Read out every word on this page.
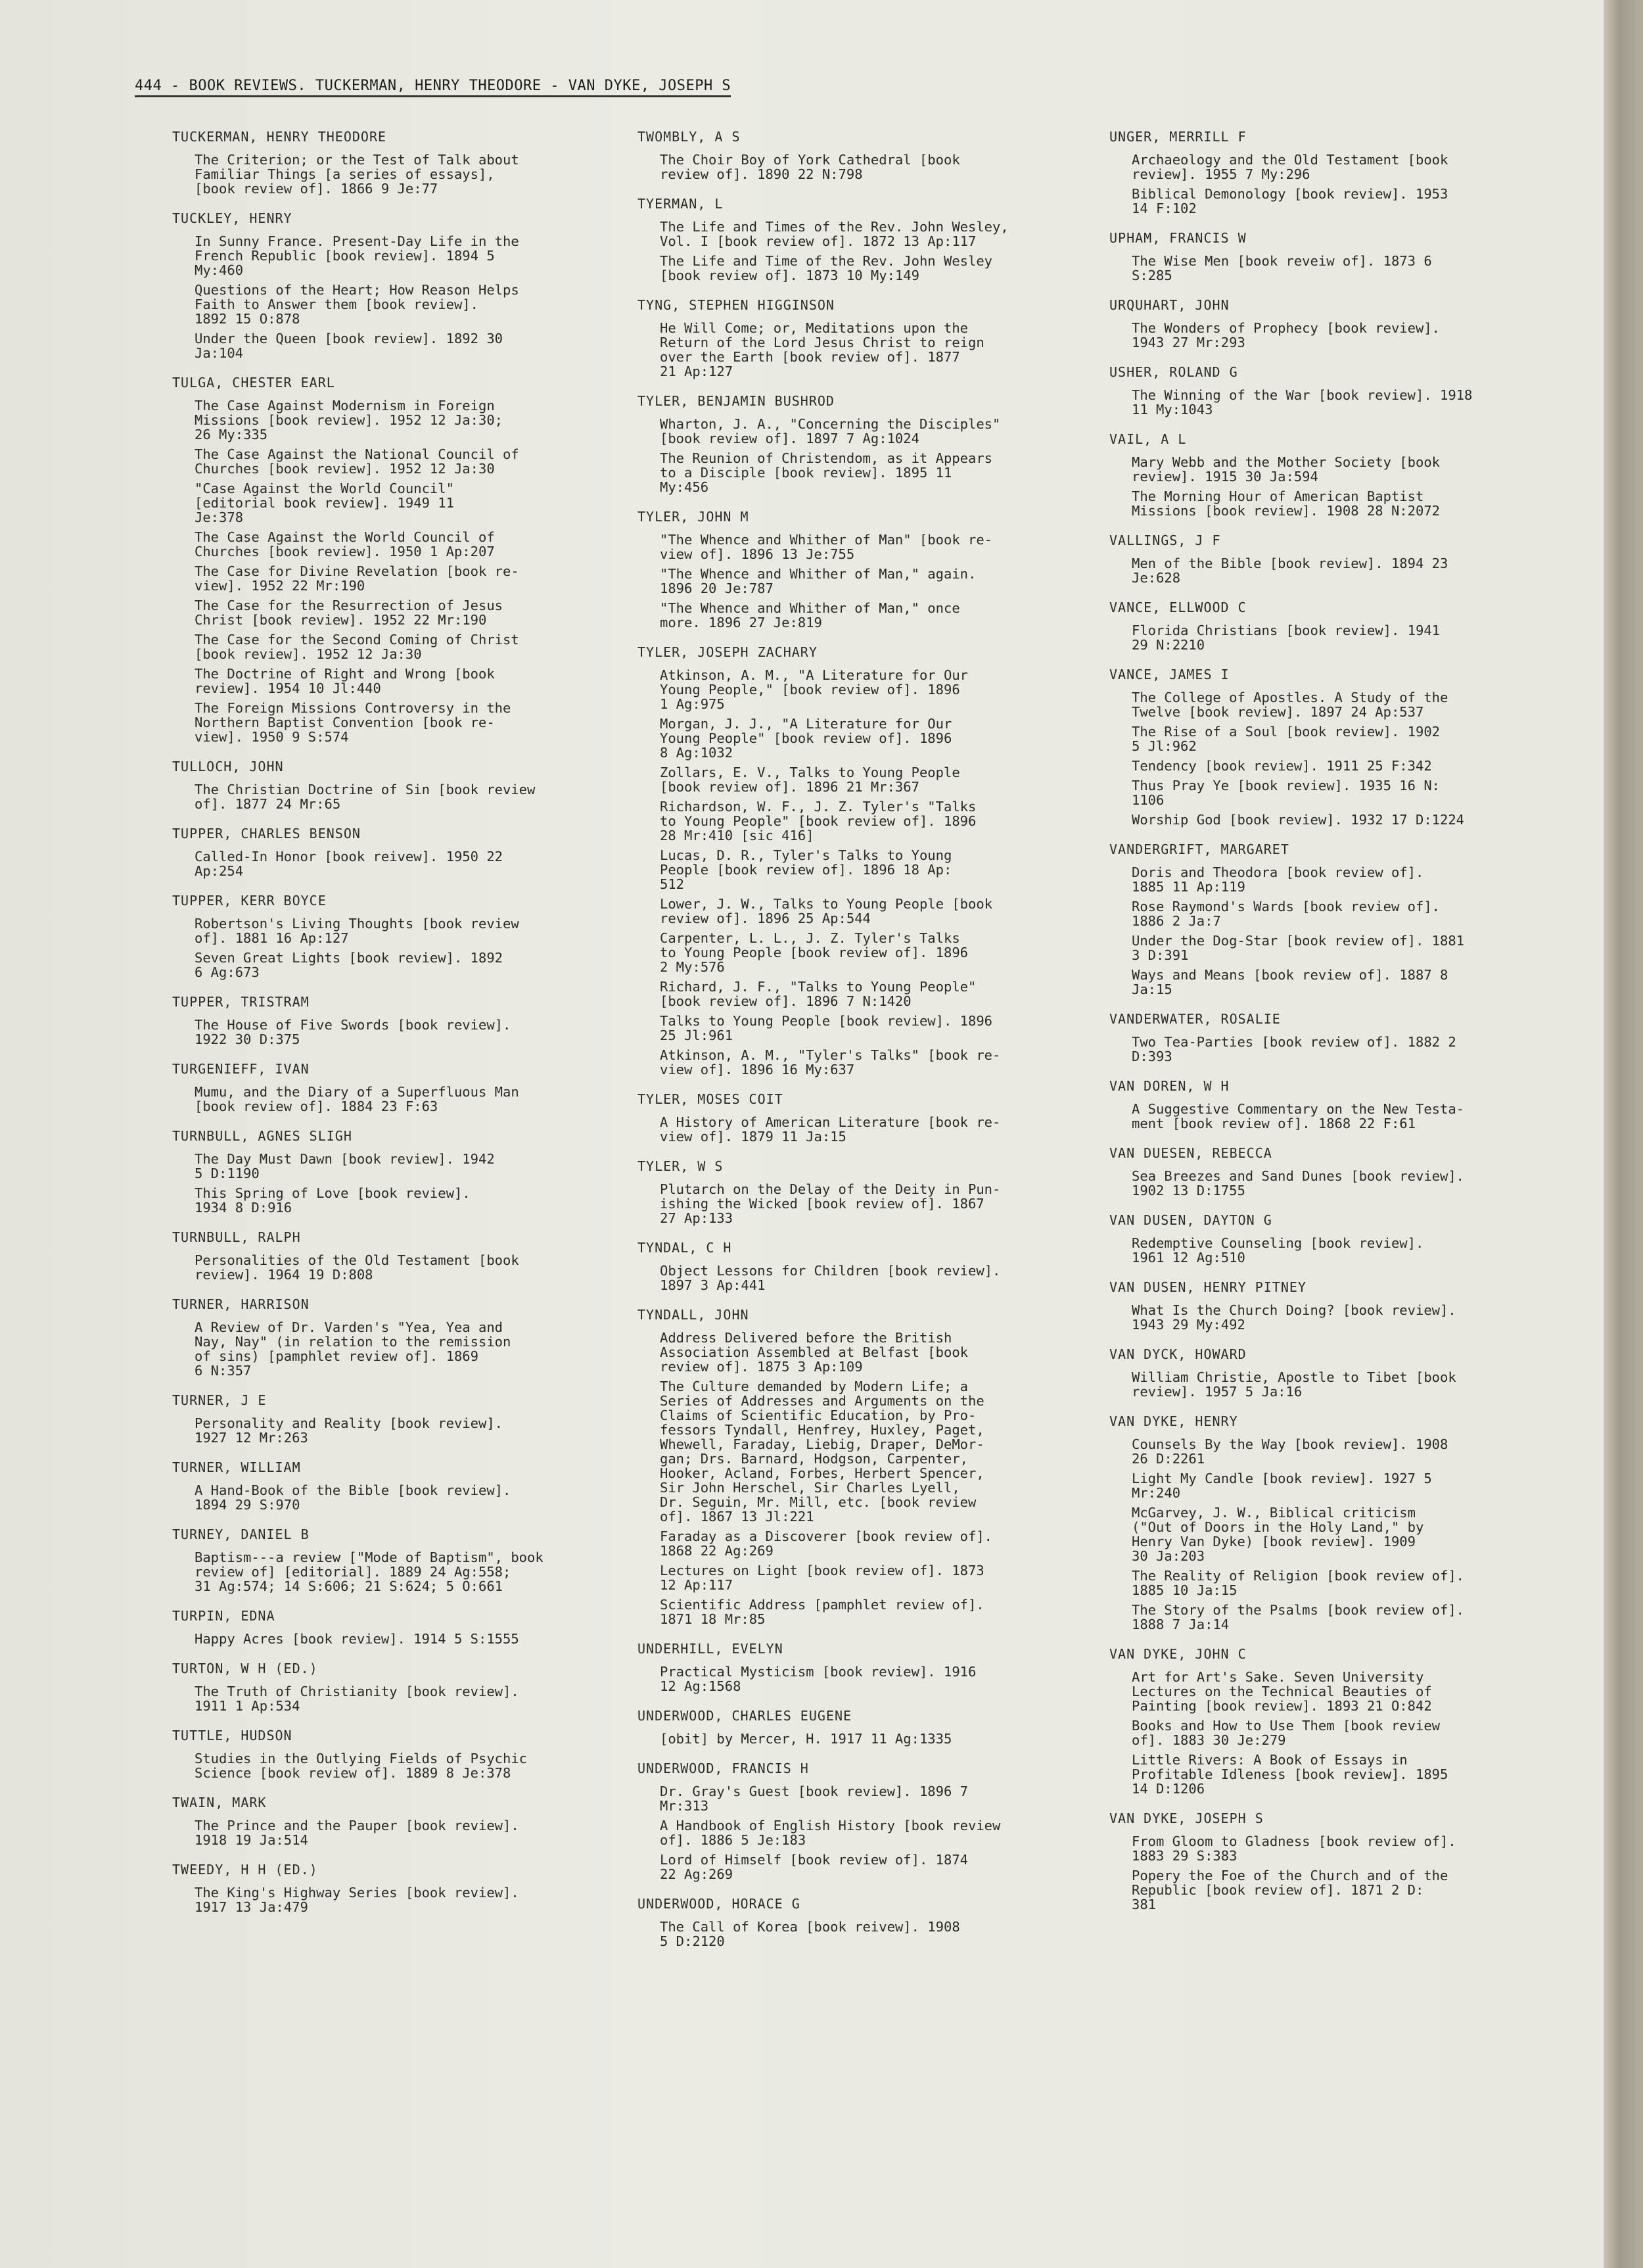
444 - BOOK REVIEWS. TUCKERMAN, HENRY THEODORE - VAN DYKE, JOSEPH S
TUCKERMAN, HENRY THEODORE
The Criterion; or the Test of Talk about
Familiar Things [a series of essays],
[book review of]. 1866 9 Je:77
TUCKLEY, HENRY
In Sunny France. Present-Day Life in the
French Republic [book review]. 1894 5
My:460
Questions of the Heart; How Reason Helps
Faith to Answer them [book review].
1892 15 O:878
Under the Queen [book review]. 1892 30
Ja:104
TULGA, CHESTER EARL
The Case Against Modernism in Foreign
Missions [book review]. 1952 12 Ja:30;
26 My:335
The Case Against the National Council of
Churches [book review]. 1952 12 Ja:30
"Case Against the World Council"
[editorial book review]. 1949 11
Je:378
The Case Against the World Council of
Churches [book review]. 1950 1 Ap:207
The Case for Divine Revelation [book re-
view]. 1952 22 Mr:190
The Case for the Resurrection of Jesus
Christ [book review]. 1952 22 Mr:190
The Case for the Second Coming of Christ
[book review]. 1952 12 Ja:30
The Doctrine of Right and Wrong [book
review]. 1954 10 Jl:440
The Foreign Missions Controversy in the
Northern Baptist Convention [book re-
view]. 1950 9 S:574
TULLOCH, JOHN
The Christian Doctrine of Sin [book review
of]. 1877 24 Mr:65
TUPPER, CHARLES BENSON
Called-In Honor [book reivew]. 1950 22
Ap:254
TUPPER, KERR BOYCE
Robertson's Living Thoughts [book review
of]. 1881 16 Ap:127
Seven Great Lights [book review]. 1892
6 Ag:673
TUPPER, TRISTRAM
The House of Five Swords [book review].
1922 30 D:375
TURGENIEFF, IVAN
Mumu, and the Diary of a Superfluous Man
[book review of]. 1884 23 F:63
TURNBULL, AGNES SLIGH
The Day Must Dawn [book review]. 1942
5 D:1190
This Spring of Love [book review].
1934 8 D:916
TURNBULL, RALPH
Personalities of the Old Testament [book
review]. 1964 19 D:808
TURNER, HARRISON
A Review of Dr. Varden's "Yea, Yea and
Nay, Nay" (in relation to the remission
of sins) [pamphlet review of]. 1869
6 N:357
TURNER, J E
Personality and Reality [book review].
1927 12 Mr:263
TURNER, WILLIAM
A Hand-Book of the Bible [book review].
1894 29 S:970
TURNEY, DANIEL B
Baptism---a review ["Mode of Baptism", book
review of] [editorial]. 1889 24 Ag:558;
31 Ag:574; 14 S:606; 21 S:624; 5 O:661
TURPIN, EDNA
Happy Acres [book review]. 1914 5 S:1555
TURTON, W H (ED.)
The Truth of Christianity [book review].
1911 1 Ap:534
TUTTLE, HUDSON
Studies in the Outlying Fields of Psychic
Science [book review of]. 1889 8 Je:378
TWAIN, MARK
The Prince and the Pauper [book review].
1918 19 Ja:514
TWEEDY, H H (ED.)
The King's Highway Series [book review].
1917 13 Ja:479
TWOMBLY, A S
The Choir Boy of York Cathedral [book
review of]. 1890 22 N:798
TYERMAN, L
The Life and Times of the Rev. John Wesley,
Vol. I [book review of]. 1872 13 Ap:117
The Life and Time of the Rev. John Wesley
[book review of]. 1873 10 My:149
TYNG, STEPHEN HIGGINSON
He Will Come; or, Meditations upon the
Return of the Lord Jesus Christ to reign
over the Earth [book review of]. 1877
21 Ap:127
TYLER, BENJAMIN BUSHROD
Wharton, J. A., "Concerning the Disciples"
[book review of]. 1897 7 Ag:1024
The Reunion of Christendom, as it Appears
to a Disciple [book review]. 1895 11
My:456
TYLER, JOHN M
"The Whence and Whither of Man" [book re-
view of]. 1896 13 Je:755
"The Whence and Whither of Man," again.
1896 20 Je:787
"The Whence and Whither of Man," once
more. 1896 27 Je:819
TYLER, JOSEPH ZACHARY
Atkinson, A. M., "A Literature for Our
Young People," [book review of]. 1896
1 Ag:975
Morgan, J. J., "A Literature for Our
Young People" [book review of]. 1896
8 Ag:1032
Zollars, E. V., Talks to Young People
[book review of]. 1896 21 Mr:367
Richardson, W. F., J. Z. Tyler's "Talks
to Young People" [book review of]. 1896
28 Mr:410 [sic 416]
Lucas, D. R., Tyler's Talks to Young
People [book review of]. 1896 18 Ap:
512
Lower, J. W., Talks to Young People [book
review of]. 1896 25 Ap:544
Carpenter, L. L., J. Z. Tyler's Talks
to Young People [book review of]. 1896
2 My:576
Richard, J. F., "Talks to Young People"
[book review of]. 1896 7 N:1420
Talks to Young People [book review]. 1896
25 Jl:961
Atkinson, A. M., "Tyler's Talks" [book re-
view of]. 1896 16 My:637
TYLER, MOSES COIT
A History of American Literature [book re-
view of]. 1879 11 Ja:15
TYLER, W S
Plutarch on the Delay of the Deity in Pun-
ishing the Wicked [book review of]. 1867
27 Ap:133
TYNDAL, C H
Object Lessons for Children [book review].
1897 3 Ap:441
TYNDALL, JOHN
Address Delivered before the British
Association Assembled at Belfast [book
review of]. 1875 3 Ap:109
The Culture demanded by Modern Life; a
Series of Addresses and Arguments on the
Claims of Scientific Education, by Pro-
fessors Tyndall, Henfrey, Huxley, Paget,
Whewell, Faraday, Liebig, Draper, DeMor-
gan; Drs. Barnard, Hodgson, Carpenter,
Hooker, Acland, Forbes, Herbert Spencer,
Sir John Herschel, Sir Charles Lyell,
Dr. Seguin, Mr. Mill, etc. [book review
of]. 1867 13 Jl:221
Faraday as a Discoverer [book review of].
1868 22 Ag:269
Lectures on Light [book review of]. 1873
12 Ap:117
Scientific Address [pamphlet review of].
1871 18 Mr:85
UNDERHILL, EVELYN
Practical Mysticism [book review]. 1916
12 Ag:1568
UNDERWOOD, CHARLES EUGENE
[obit] by Mercer, H. 1917 11 Ag:1335
UNDERWOOD, FRANCIS H
Dr. Gray's Guest [book review]. 1896 7
Mr:313
A Handbook of English History [book review
of]. 1886 5 Je:183
Lord of Himself [book review of]. 1874
22 Ag:269
UNDERWOOD, HORACE G
The Call of Korea [book reivew]. 1908
5 D:2120
UNGER, MERRILL F
Archaeology and the Old Testament [book
review]. 1955 7 My:296
Biblical Demonology [book review]. 1953
14 F:102
UPHAM, FRANCIS W
The Wise Men [book reveiw of]. 1873 6
S:285
URQUHART, JOHN
The Wonders of Prophecy [book review].
1943 27 Mr:293
USHER, ROLAND G
The Winning of the War [book review]. 1918
11 My:1043
VAIL, A L
Mary Webb and the Mother Society [book
review]. 1915 30 Ja:594
The Morning Hour of American Baptist
Missions [book review]. 1908 28 N:2072
VALLINGS, J F
Men of the Bible [book review]. 1894 23
Je:628
VANCE, ELLWOOD C
Florida Christians [book review]. 1941
29 N:2210
VANCE, JAMES I
The College of Apostles. A Study of the
Twelve [book review]. 1897 24 Ap:537
The Rise of a Soul [book review]. 1902
5 Jl:962
Tendency [book review]. 1911 25 F:342
Thus Pray Ye [book review]. 1935 16 N:
1106
Worship God [book review]. 1932 17 D:1224
VANDERGRIFT, MARGARET
Doris and Theodora [book review of].
1885 11 Ap:119
Rose Raymond's Wards [book review of].
1886 2 Ja:7
Under the Dog-Star [book review of]. 1881
3 D:391
Ways and Means [book review of]. 1887 8
Ja:15
VANDERWATER, ROSALIE
Two Tea-Parties [book review of]. 1882 2
D:393
VAN DOREN, W H
A Suggestive Commentary on the New Testa-
ment [book review of]. 1868 22 F:61
VAN DUESEN, REBECCA
Sea Breezes and Sand Dunes [book review].
1902 13 D:1755
VAN DUSEN, DAYTON G
Redemptive Counseling [book review].
1961 12 Ag:510
VAN DUSEN, HENRY PITNEY
What Is the Church Doing? [book review].
1943 29 My:492
VAN DYCK, HOWARD
William Christie, Apostle to Tibet [book
review]. 1957 5 Ja:16
VAN DYKE, HENRY
Counsels By the Way [book review]. 1908
26 D:2261
Light My Candle [book review]. 1927 5
Mr:240
McGarvey, J. W., Biblical criticism
("Out of Doors in the Holy Land," by
Henry Van Dyke) [book review]. 1909
30 Ja:203
The Reality of Religion [book review of].
1885 10 Ja:15
The Story of the Psalms [book review of].
1888 7 Ja:14
VAN DYKE, JOHN C
Art for Art's Sake. Seven University
Lectures on the Technical Beauties of
Painting [book review]. 1893 21 O:842
Books and How to Use Them [book review
of]. 1883 30 Je:279
Little Rivers: A Book of Essays in
Profitable Idleness [book review]. 1895
14 D:1206
VAN DYKE, JOSEPH S
From Gloom to Gladness [book review of].
1883 29 S:383
Popery the Foe of the Church and of the
Republic [book review of]. 1871 2 D:
381
